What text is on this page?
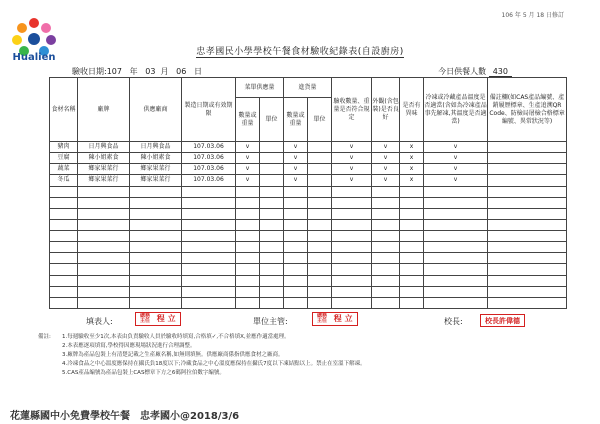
Hualien
106 年 5 月 18 日修訂
忠孝國民小學學校午餐食材驗收紀錄表(自設廚房)
驗收日期:107 年 03 月 06 日	今日供餐人數 430
食材名稱	廠牌	供應廠商	製造日期或有效期限	菜單供應量		進貨量		驗收數量、重量是否符合規定	外觀(含包裝)是否良好	是否有異味	冷凍或冷藏產品溫度是否適當(含如為冷凍產品事先解凍,其溫度是否適當)	備註欄(如CAS產品編號、產銷履歷標章、生產追溯QR Code、防檢局屠檢合格標章編號、異常狀況等)
				數量或重量	單位	數量或重量	單位					
豬肉	日月興食品	日月興食品	107.03.06	v		v		v	v	x	v	
豆腐	陳小姐素食	陳小姐素食	107.03.06	v		v		v	v	x	v	
蔬菜	鄉家果菜行	鄉家果菜行	107.03.06	v		v		v	v	x	v	
冬瓜	鄉家果菜行	鄉家果菜行	107.03.06	v		v		v	v	x	v	

填表人:
總務主任 程 立	單位主管:
總務主任 程 立	校長:	校長許偉德
備註: 1.每週驗收至少1次,本表由負責驗收人員於驗收時填寫,合格填✓,不合格填X,並應作適當處理。
2.本表應逐項填寫,學校得因應現場狀況進行合理調整。
3.廠牌為產品包裝上有清楚記載之生產廠名稱,如無則填無。供應廠商係指供應食材之廠商。
4.冷凍食品之中心溫度應保持在攝氏負18度以下;冷藏食品之中心溫度應保持在攝氏7度以下凍結點以上。禁止在室溫下解凍。
5.CAS產品編號為產品包裝上CAS標章下方之6碼阿拉伯數字編號。
花蓮縣國中小免費學校午餐　忠孝國小@2018/3/6
